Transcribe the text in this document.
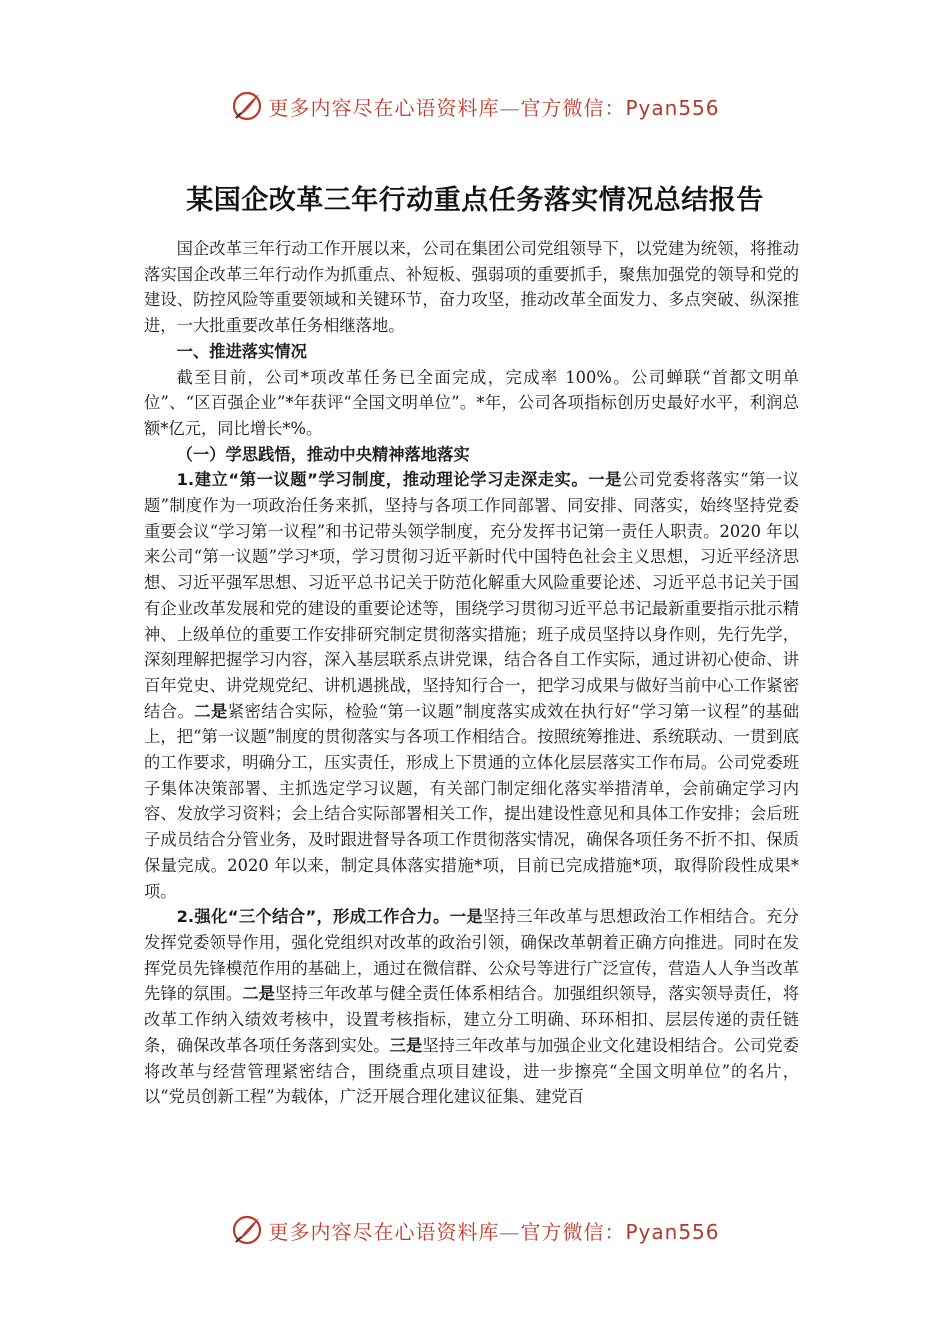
更多内容尽在心语资料库—官方微信：Pyan556
某国企改革三年行动重点任务落实情况总结报告

国企改革三年行动工作开展以来，公司在集团公司党组领导下，以党建为统领，将推动落实国企改革三年行动作为抓重点、补短板、强弱项的重要抓手，聚焦加强党的领导和党的建设、防控风险等重要领域和关键环节，奋力攻坚，推动改革全面发力、多点突破、纵深推进，一大批重要改革任务相继落地。

一、推进落实情况

截至目前，公司*项改革任务已全面完成，完成率 100%。公司蝉联“首都文明单位”、“区百强企业”*年获评“全国文明单位”。*年，公司各项指标创历史最好水平，利润总额*亿元，同比增长*%。

（一）学思践悟，推动中央精神落地落实

1.建立“第一议题”学习制度，推动理论学习走深走实。一是公司党委将落实“第一议题”制度作为一项政治任务来抓，坚持与各项工作同部署、同安排、同落实，始终坚持党委重要会议“学习第一议程”和书记带头领学制度，充分发挥书记第一责任人职责。2020 年以来公司“第一议题”学习*项，学习贯彻习近平新时代中国特色社会主义思想，习近平经济思想、习近平强军思想、习近平总书记关于防范化解重大风险重要论述、习近平总书记关于国有企业改革发展和党的建设的重要论述等，围绕学习贯彻习近平总书记最新重要指示批示精神、上级单位的重要工作安排研究制定贯彻落实措施；班子成员坚持以身作则，先行先学，深刻理解把握学习内容，深入基层联系点讲党课，结合各自工作实际，通过讲初心使命、讲百年党史、讲党规党纪、讲机遇挑战，坚持知行合一，把学习成果与做好当前中心工作紧密结合。二是紧密结合实际，检验“第一议题”制度落实成效在执行好“学习第一议程”的基础上，把“第一议题”制度的贯彻落实与各项工作相结合。按照统筹推进、系统联动、一贯到底的工作要求，明确分工，压实责任，形成上下贯通的立体化层层落实工作布局。公司党委班子集体决策部署、主抓选定学习议题，有关部门制定细化落实举措清单，会前确定学习内容、发放学习资料；会上结合实际部署相关工作，提出建设性意见和具体工作安排；会后班子成员结合分管业务，及时跟进督导各项工作贯彻落实情况，确保各项任务不折不扣、保质保量完成。2020 年以来，制定具体落实措施*项，目前已完成措施*项，取得阶段性成果*项。

2.强化“三个结合”，形成工作合力。一是坚持三年改革与思想政治工作相结合。充分发挥党委领导作用，强化党组织对改革的政治引领，确保改革朝着正确方向推进。同时在发挥党员先锋模范作用的基础上，通过在微信群、公众号等进行广泛宣传，营造人人争当改革先锋的氛围。二是坚持三年改革与健全责任体系相结合。加强组织领导，落实领导责任，将改革工作纳入绩效考核中，设置考核指标，建立分工明确、环环相扣、层层传递的责任链条，确保改革各项任务落到实处。三是坚持三年改革与加强企业文化建设相结合。公司党委将改革与经营管理紧密结合，围绕重点项目建设，进一步擦亮“全国文明单位”的名片，以“党员创新工程”为载体，广泛开展合理化建议征集、建党百

更多内容尽在心语资料库—官方微信：Pyan556
